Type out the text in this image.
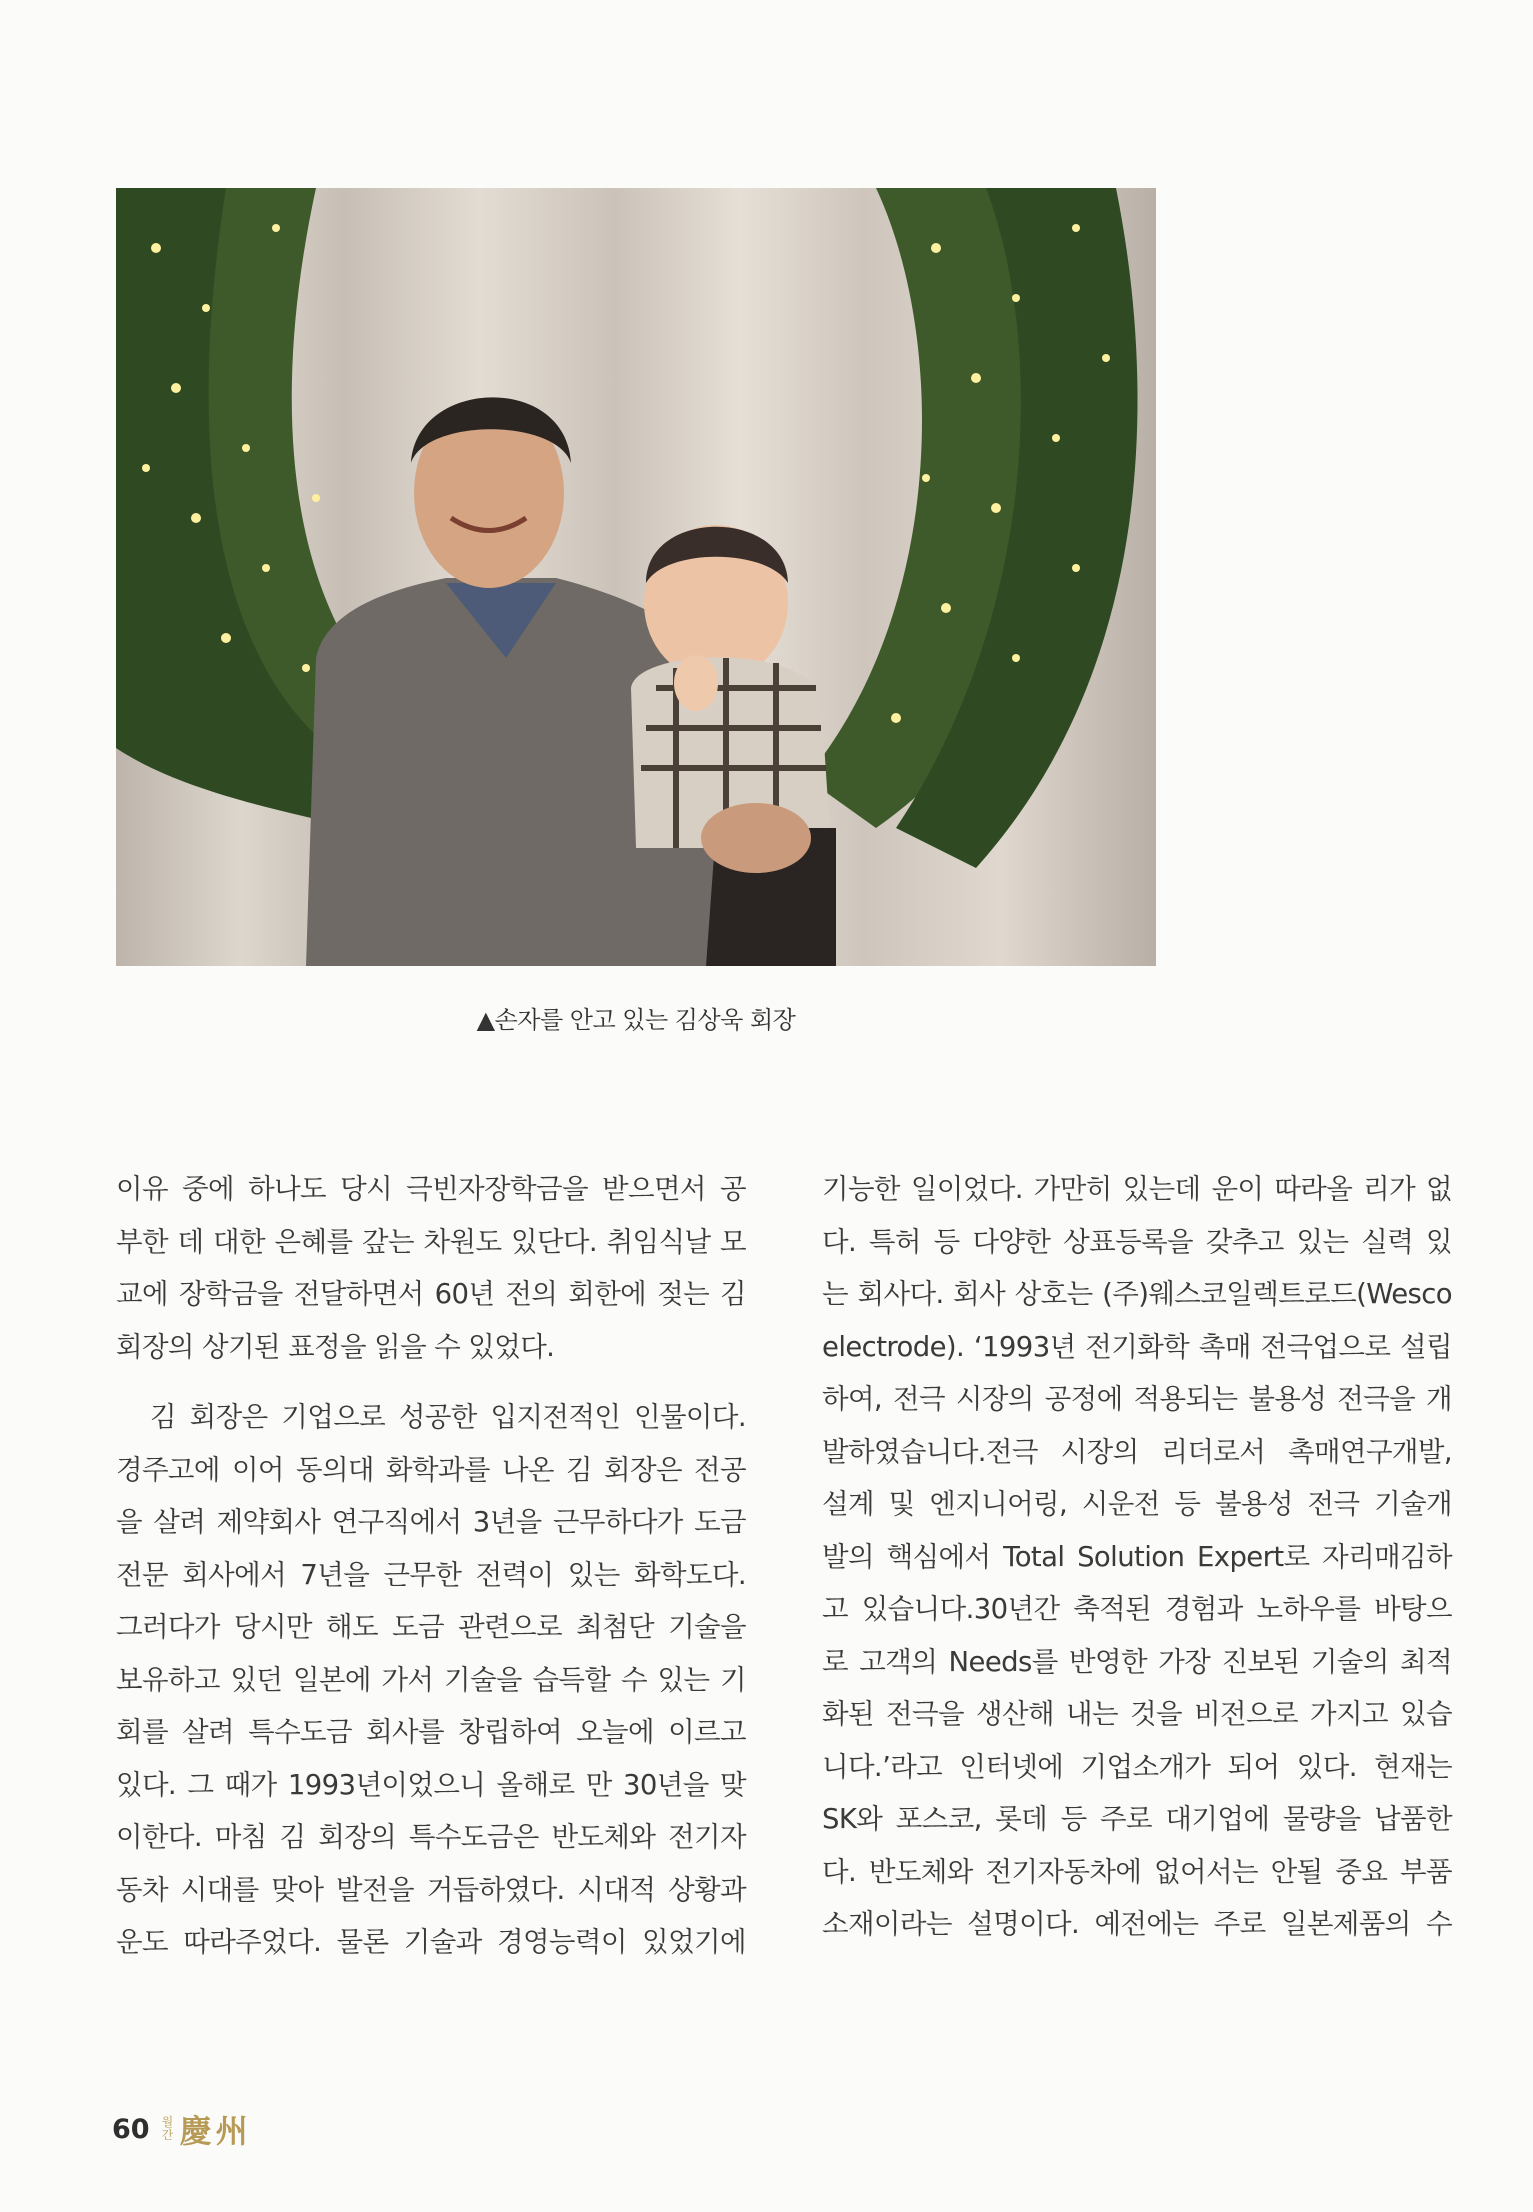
▲손자를 안고 있는 김상욱 회장
이유 중에 하나도 당시 극빈자장학금을 받으면서 공
부한 데 대한 은혜를 갚는 차원도 있단다. 취임식날 모
교에 장학금을 전달하면서 60년 전의 회한에 젖는 김
회장의 상기된 표정을 읽을 수 있었다.
김 회장은 기업으로 성공한 입지전적인 인물이다.
경주고에 이어 동의대 화학과를 나온 김 회장은 전공
을 살려 제약회사 연구직에서 3년을 근무하다가 도금
전문 회사에서 7년을 근무한 전력이 있는 화학도다.
그러다가 당시만 해도 도금 관련으로 최첨단 기술을
보유하고 있던 일본에 가서 기술을 습득할 수 있는 기
회를 살려 특수도금 회사를 창립하여 오늘에 이르고
있다. 그 때가 1993년이었으니 올해로 만 30년을 맞
이한다. 마침 김 회장의 특수도금은 반도체와 전기자
동차 시대를 맞아 발전을 거듭하였다. 시대적 상황과
운도 따라주었다. 물론 기술과 경영능력이 있었기에
기능한 일이었다. 가만히 있는데 운이 따라올 리가 없
다. 특허 등 다양한 상표등록을 갖추고 있는 실력 있
는 회사다. 회사 상호는 (주)웨스코일렉트로드(Wesco
electrode). ‘1993년 전기화학 촉매 전극업으로 설립
하여, 전극 시장의 공정에 적용되는 불용성 전극을 개
발하였습니다.전극 시장의 리더로서 촉매연구개발,
설계 및 엔지니어링, 시운전 등 불용성 전극 기술개
발의 핵심에서 Total Solution Expert로 자리매김하
고 있습니다.30년간 축적된 경험과 노하우를 바탕으
로 고객의 Needs를 반영한 가장 진보된 기술의 최적
화된 전극을 생산해 내는 것을 비전으로 가지고 있습
니다.’라고 인터넷에 기업소개가 되어 있다. 현재는
SK와 포스코, 롯데 등 주로 대기업에 물량을 납품한
다. 반도체와 전기자동차에 없어서는 안될 중요 부품
소재이라는 설명이다. 예전에는 주로 일본제품의 수
60 월간 慶州
